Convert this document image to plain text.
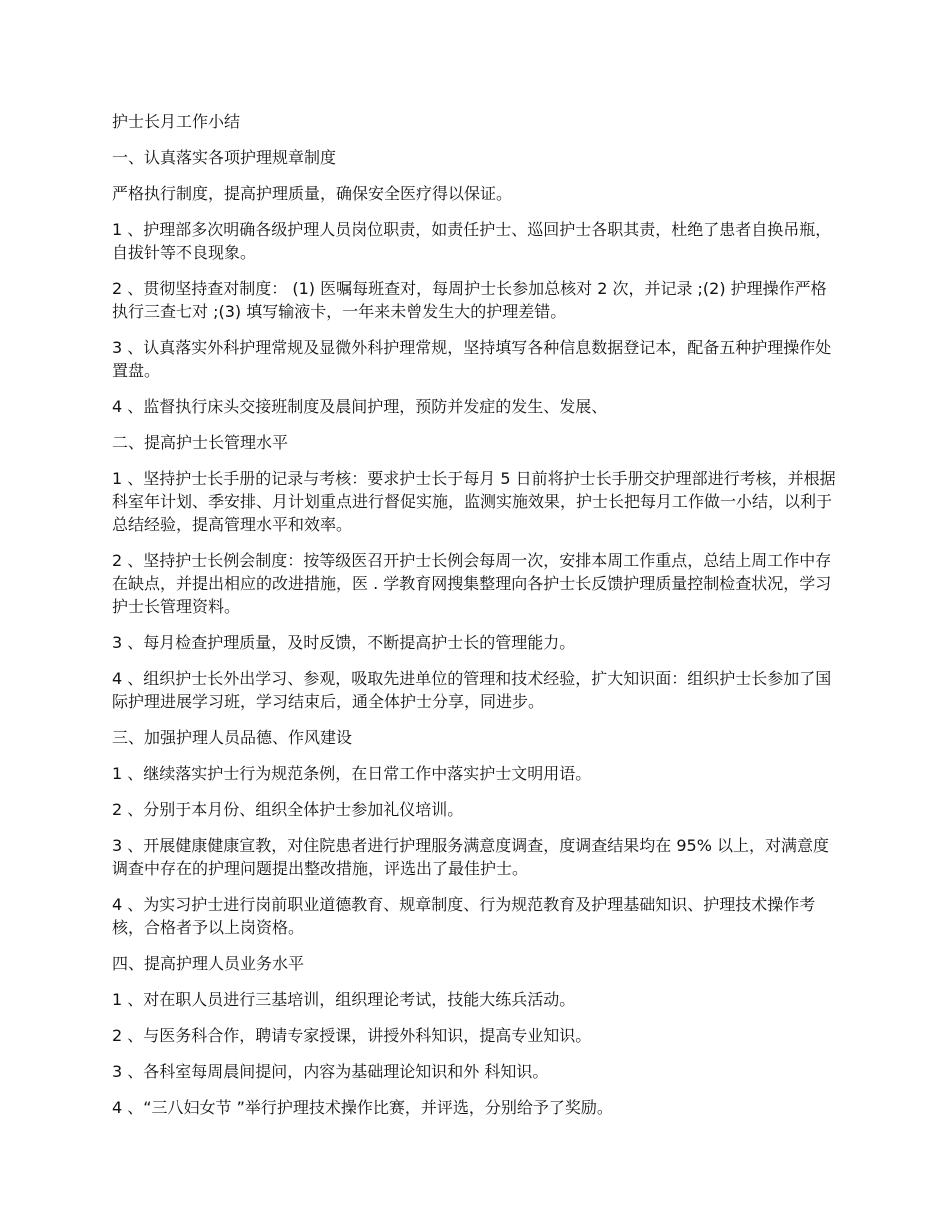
护士长月工作小结
一、认真落实各项护理规章制度
严格执行制度，提高护理质量，确保安全医疗得以保证。
1 、护理部多次明确各级护理人员岗位职责，如责任护士、巡回护士各职其责，杜绝了患者自换吊瓶，自拔针等不良现象。
2 、贯彻坚持查对制度： (1) 医嘱每班查对，每周护士长参加总核对 2 次，并记录 ;(2) 护理操作严格执行三查七对 ;(3) 填写输液卡，一年来未曾发生大的护理差错。
3 、认真落实外科护理常规及显微外科护理常规，坚持填写各种信息数据登记本，配备五种护理操作处置盘。
4 、监督执行床头交接班制度及晨间护理，预防并发症的发生、发展、
二、提高护士长管理水平
1 、坚持护士长手册的记录与考核：要求护士长于每月 5 日前将护士长手册交护理部进行考核，并根据科室年计划、季安排、月计划重点进行督促实施，监测实施效果，护士长把每月工作做一小结，以利于总结经验，提高管理水平和效率。
2 、坚持护士长例会制度：按等级医召开护士长例会每周一次，安排本周工作重点，总结上周工作中存在缺点，并提出相应的改进措施，医 . 学教育网搜集整理向各护士长反馈护理质量控制检查状况，学习护士长管理资料。
3 、每月检查护理质量，及时反馈，不断提高护士长的管理能力。
4 、组织护士长外出学习、参观，吸取先进单位的管理和技术经验，扩大知识面：组织护士长参加了国际护理进展学习班，学习结束后，通全体护士分享，同进步。
三、加强护理人员品德、作风建设
1 、继续落实护士行为规范条例，在日常工作中落实护士文明用语。
2 、分别于本月份、组织全体护士参加礼仪培训。
3 、开展健康健康宣教，对住院患者进行护理服务满意度调查，度调查结果均在 95% 以上，对满意度调查中存在的护理问题提出整改措施，评选出了最佳护士。
4 、为实习护士进行岗前职业道德教育、规章制度、行为规范教育及护理基础知识、护理技术操作考核，合格者予以上岗资格。
四、提高护理人员业务水平
1 、对在职人员进行三基培训，组织理论考试，技能大练兵活动。
2 、与医务科合作，聘请专家授课，讲授外科知识，提高专业知识。
3 、各科室每周晨间提问，内容为基础理论知识和外 科知识。
4 、“三八妇女节 ”举行护理技术操作比赛，并评选，分别给予了奖励。
